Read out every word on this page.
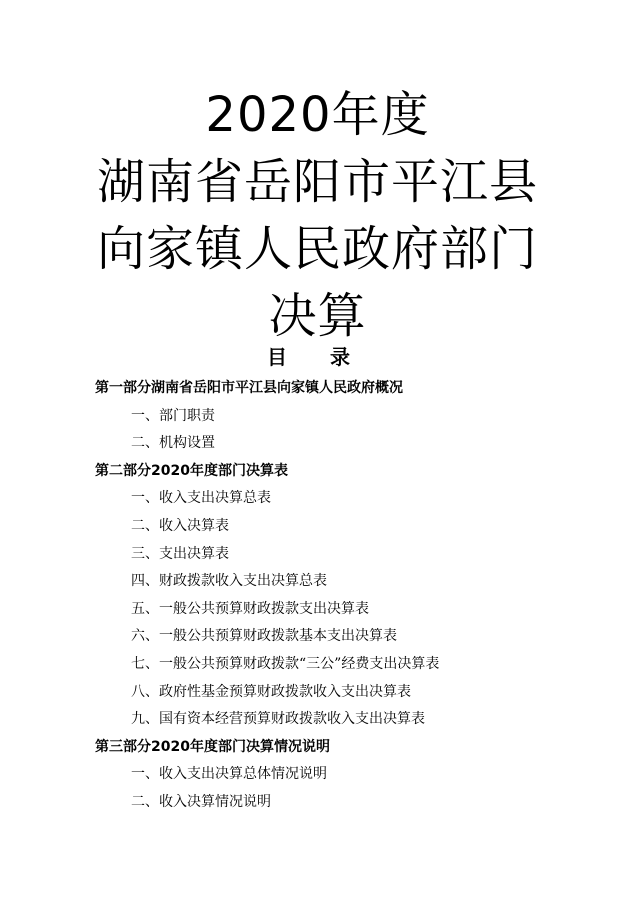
2020年度
湖南省岳阳市平江县
向家镇人民政府部门
决算
目 录
第一部分湖南省岳阳市平江县向家镇人民政府概况
一、部门职责
二、机构设置
第二部分2020年度部门决算表
一、收入支出决算总表
二、收入决算表
三、支出决算表
四、财政拨款收入支出决算总表
五、一般公共预算财政拨款支出决算表
六、一般公共预算财政拨款基本支出决算表
七、一般公共预算财政拨款“三公”经费支出决算表
八、政府性基金预算财政拨款收入支出决算表
九、国有资本经营预算财政拨款收入支出决算表
第三部分2020年度部门决算情况说明
一、收入支出决算总体情况说明
二、收入决算情况说明
